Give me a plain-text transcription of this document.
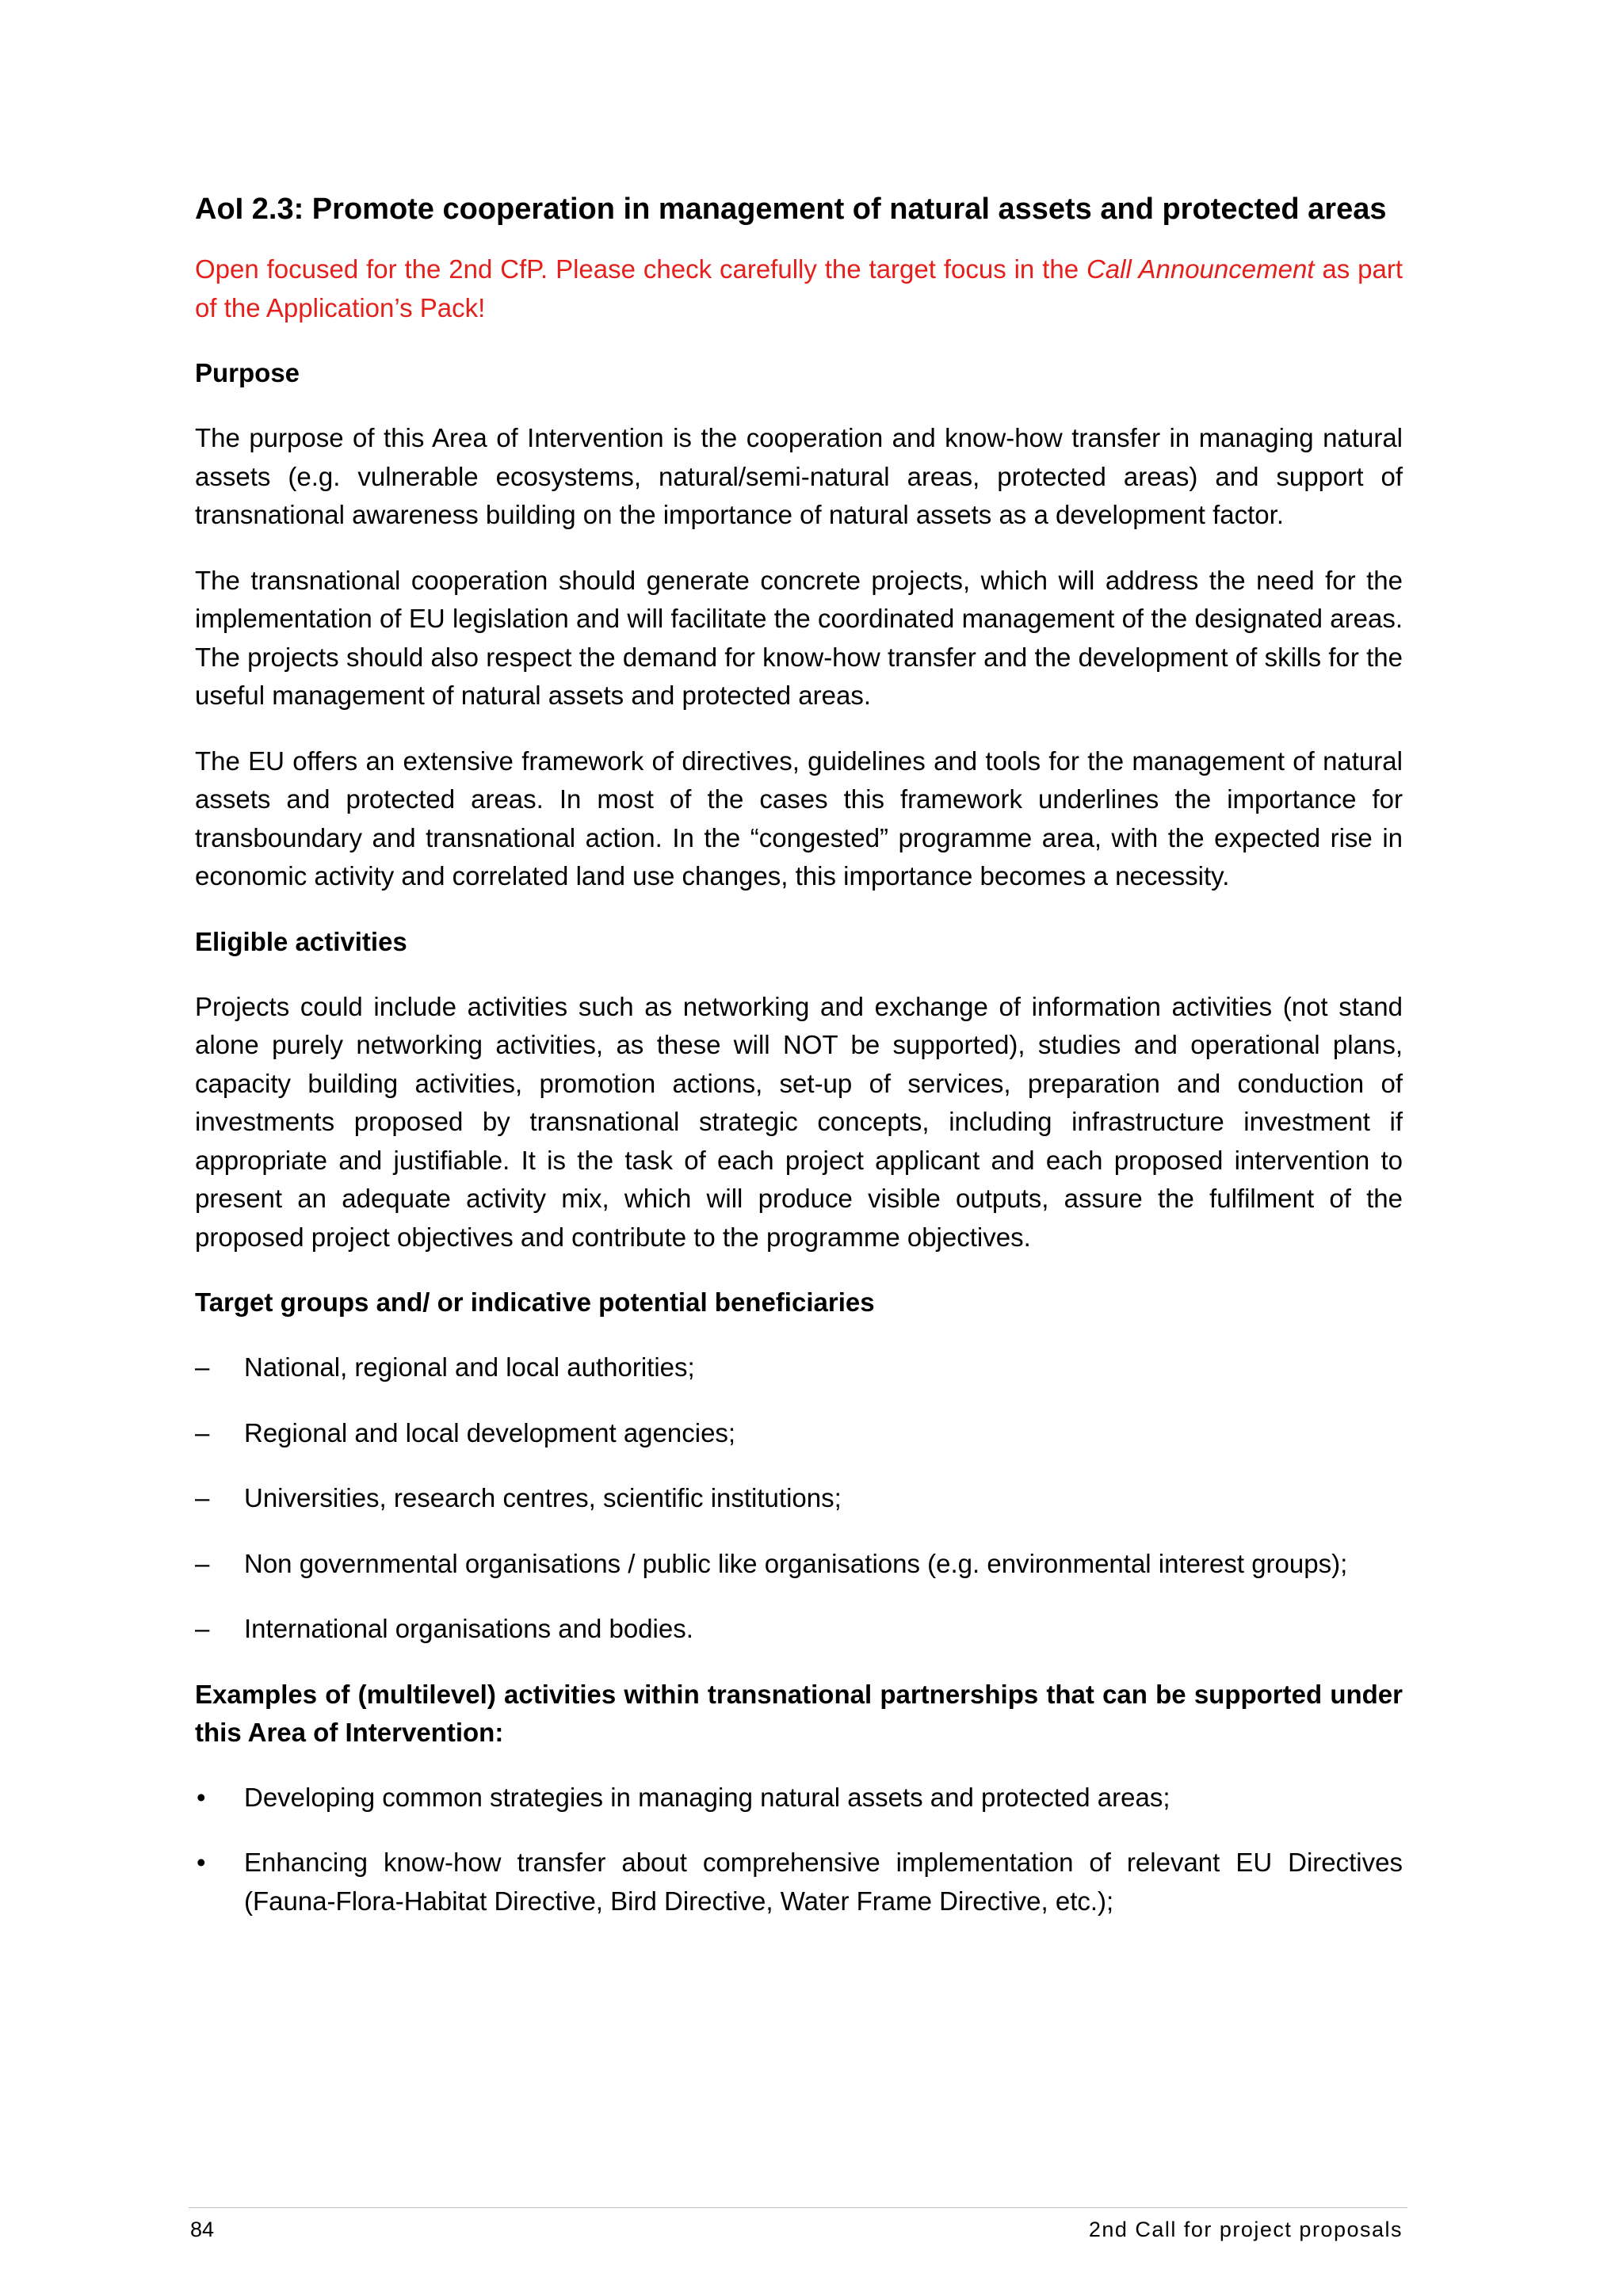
AoI 2.3: Promote cooperation in management of natural assets and protected areas

Open focused for the 2nd CfP. Please check carefully the target focus in the Call Announcement as part of the Application’s Pack!

Purpose

The purpose of this Area of Intervention is the cooperation and know-how transfer in managing natural assets (e.g. vulnerable ecosystems, natural/semi-natural areas, protected areas) and support of transnational awareness building on the importance of natural assets as a development factor.

The transnational cooperation should generate concrete projects, which will address the need for the implementation of EU legislation and will facilitate the coordinated management of the designated areas. The projects should also respect the demand for know-how transfer and the development of skills for the useful management of natural assets and protected areas.

The EU offers an extensive framework of directives, guidelines and tools for the management of natural assets and protected areas. In most of the cases this framework underlines the importance for transboundary and transnational action. In the “congested” programme area, with the expected rise in economic activity and correlated land use changes, this importance becomes a necessity.

Eligible activities

Projects could include activities such as networking and exchange of information activities (not stand alone purely networking activities, as these will NOT be supported), studies and operational plans, capacity building activities, promotion actions, set-up of services, preparation and conduction of investments proposed by transnational strategic concepts, including infrastructure investment if appropriate and justifiable. It is the task of each project applicant and each proposed intervention to present an adequate activity mix, which will produce visible outputs, assure the fulfilment of the proposed project objectives and contribute to the programme objectives.

Target groups and/ or indicative potential beneficiaries
–	National, regional and local authorities;
–	Regional and local development agencies;
–	Universities, research centres, scientific institutions;
–	Non governmental organisations / public like organisations (e.g. environmental interest groups);
–	International organisations and bodies.
Examples of (multilevel) activities within transnational partnerships that can be supported under this Area of Intervention:
• Developing common strategies in managing natural assets and protected areas;
• Enhancing know-how transfer about comprehensive implementation of relevant EU Directives (Fauna-Flora-Habitat Directive, Bird Directive, Water Frame Directive, etc.);
84	2nd Call for project proposals
